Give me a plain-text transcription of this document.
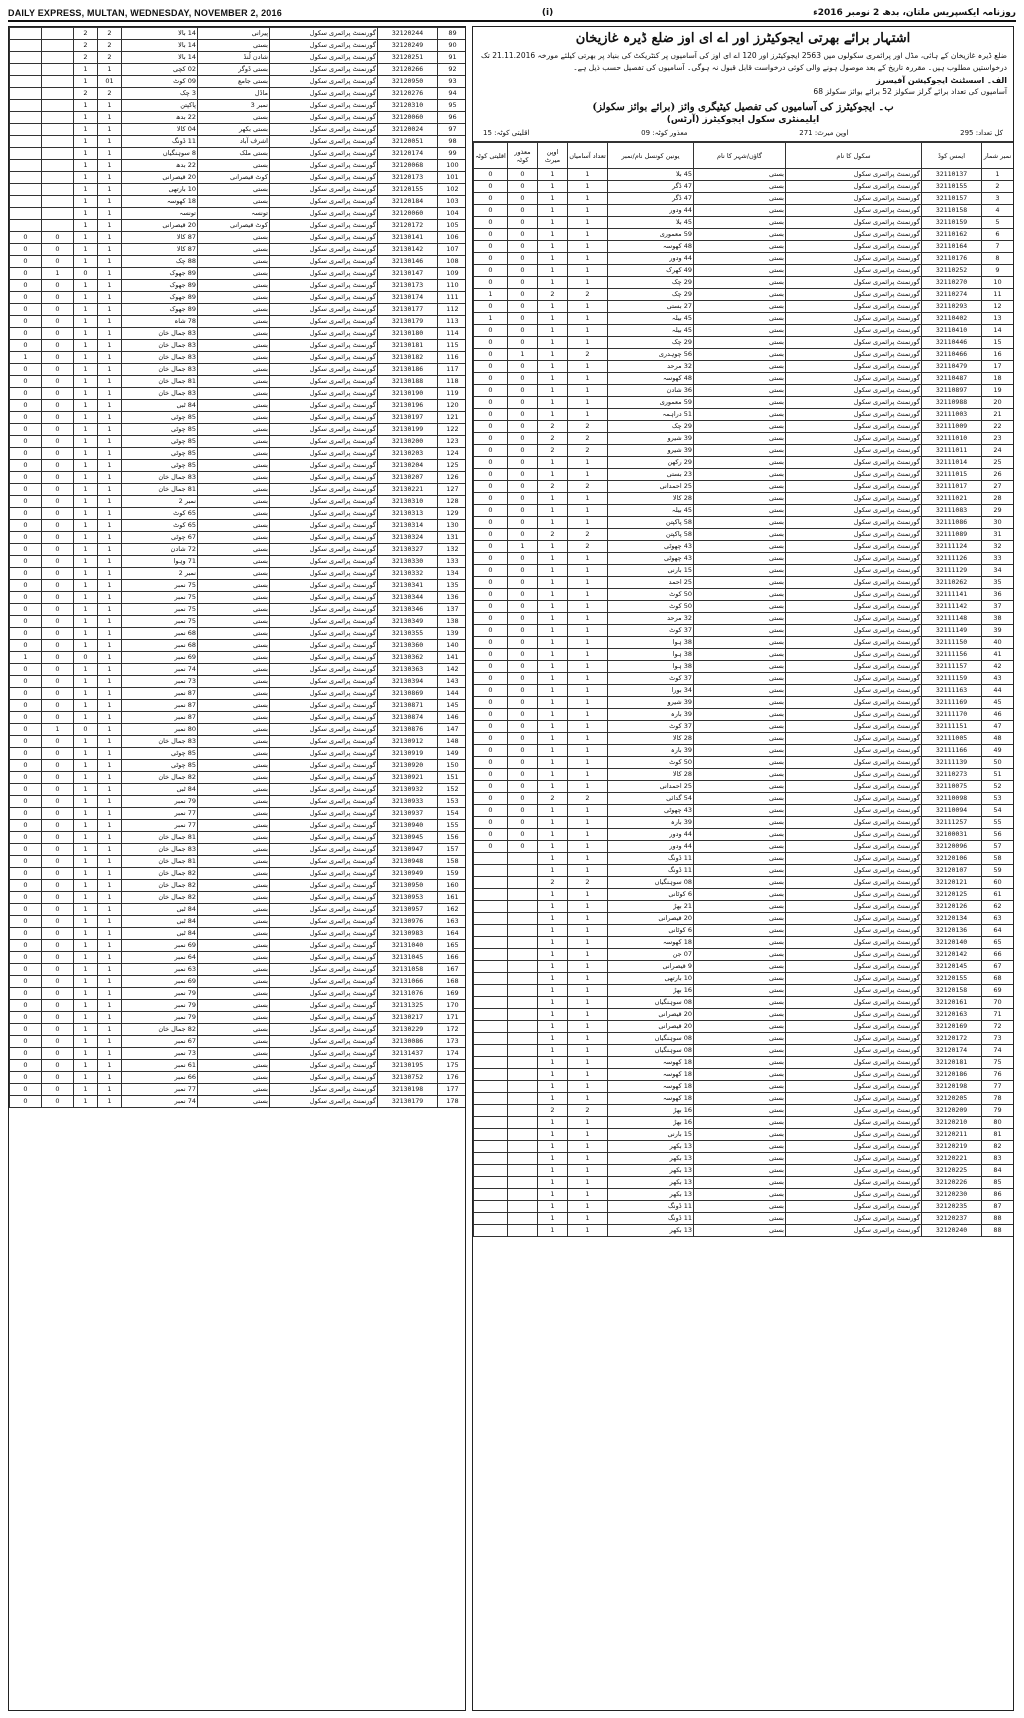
DAILY EXPRESS, MULTAN, WEDNESDAY, NOVEMBER 2, 2016	(i)	روزنامہ ایکسپریس ملتان، بدھ 2 نومبر 2016ء
		2	2	14 بالا	پیرانی	گورنمنٹ پرائمری سکول	32120244	89
		2	2	14 بالا	بستی	گورنمنٹ پرائمری سکول	32120249	90
		2	2	14 بالا	شادن لُنڈ	گورنمنٹ پرائمری سکول	32120251	91
		1	1	02 کچی	بستی ڈوگر	گورنمنٹ پرائمری سکول	32120266	92
		1	01	09 کوٹ	بستی جامع	گورنمنٹ پرائمری سکول	32120950	93
		2	2	3 چک	ماڈل	گورنمنٹ پرائمری سکول	32120276	94
		1	1	پاکپتن	نمبر 3	گورنمنٹ پرائمری سکول	32120310	95
		1	1	22 بدھ	بستی	گورنمنٹ پرائمری سکول	32120060	96
		1	1	04 کالا	بستی بکھر	گورنمنٹ پرائمری سکول	32120024	97
		1	1	11 ڈونگ	اشرف آباد	گورنمنٹ پرائمری سکول	32120051	98
		1	1	8 سوہنگیاں	بستی ملک	گورنمنٹ پرائمری سکول	32120174	99
		1	1	22 بدھ	بستی	گورنمنٹ پرائمری سکول	32120068	100
		1	1	20 قیصرانی	کوٹ قیصرانی	گورنمنٹ پرائمری سکول	32120173	101
		1	1	10 بارتھی	بستی	گورنمنٹ پرائمری سکول	32120155	102
		1	1	18 کھوسہ	بستی	گورنمنٹ پرائمری سکول	32120184	103
		1	1	تونسہ	تونسہ	گورنمنٹ پرائمری سکول	32120060	104
		1	1	20 قیصرانی	کوٹ قیصرانی	گورنمنٹ پرائمری سکول	32120172	105
0	0	1	1	87 کالا	بستی	گورنمنٹ پرائمری سکول	32130141	106
0	0	1	1	87 کالا	بستی	گورنمنٹ پرائمری سکول	32130142	107
0	0	1	1	88 چک	بستی	گورنمنٹ پرائمری سکول	32130146	108
0	1	0	1	89 جھوک	بستی	گورنمنٹ پرائمری سکول	32130147	109
0	0	1	1	89 جھوک	بستی	گورنمنٹ پرائمری سکول	32130173	110
0	0	1	1	89 جھوک	بستی	گورنمنٹ پرائمری سکول	32130174	111
0	0	1	1	89 جھوک	بستی	گورنمنٹ پرائمری سکول	32130177	112
0	0	1	1	78 شاہ	بستی	گورنمنٹ پرائمری سکول	32130179	113
0	0	1	1	83 جمال خان	بستی	گورنمنٹ پرائمری سکول	32130180	114
0	0	1	1	83 جمال خان	بستی	گورنمنٹ پرائمری سکول	32130181	115
1	0	1	1	83 جمال خان	بستی	گورنمنٹ پرائمری سکول	32130182	116
0	0	1	1	83 جمال خان	بستی	گورنمنٹ پرائمری سکول	32130186	117
0	0	1	1	81 جمال خان	بستی	گورنمنٹ پرائمری سکول	32130188	118
0	0	1	1	83 جمال خان	بستی	گورنمنٹ پرائمری سکول	32130190	119
0	0	1	1	84 ٹبی	بستی	گورنمنٹ پرائمری سکول	32130196	120
0	0	1	1	85 چوٹی	بستی	گورنمنٹ پرائمری سکول	32130197	121
0	0	1	1	85 چوٹی	بستی	گورنمنٹ پرائمری سکول	32130199	122
0	0	1	1	85 چوٹی	بستی	گورنمنٹ پرائمری سکول	32130200	123
0	0	1	1	85 چوٹی	بستی	گورنمنٹ پرائمری سکول	32130203	124
0	0	1	1	85 چوٹی	بستی	گورنمنٹ پرائمری سکول	32130204	125
0	0	1	1	83 جمال خان	بستی	گورنمنٹ پرائمری سکول	32130207	126
0	0	1	1	81 جمال خان	بستی	گورنمنٹ پرائمری سکول	32130221	127
0	0	1	1	نمبر 2	بستی	گورنمنٹ پرائمری سکول	32130310	128
0	0	1	1	65 کوٹ	بستی	گورنمنٹ پرائمری سکول	32130313	129
0	0	1	1	65 کوٹ	بستی	گورنمنٹ پرائمری سکول	32130314	130
0	0	1	1	67 چوٹی	بستی	گورنمنٹ پرائمری سکول	32130324	131
0	0	1	1	72 شادن	بستی	گورنمنٹ پرائمری سکول	32130327	132
0	0	1	1	71 وہوا	بستی	گورنمنٹ پرائمری سکول	32130330	133
0	0	1	1	نمبر 2	بستی	گورنمنٹ پرائمری سکول	32130332	134
0	0	1	1	75 نمبر	بستی	گورنمنٹ پرائمری سکول	32130341	135
0	0	1	1	75 نمبر	بستی	گورنمنٹ پرائمری سکول	32130344	136
0	0	1	1	75 نمبر	بستی	گورنمنٹ پرائمری سکول	32130346	137
0	0	1	1	75 نمبر	بستی	گورنمنٹ پرائمری سکول	32130349	138
0	0	1	1	68 نمبر	بستی	گورنمنٹ پرائمری سکول	32130355	139
0	0	1	1	68 نمبر	بستی	گورنمنٹ پرائمری سکول	32130360	140
1	0	0	1	69 نمبر	بستی	گورنمنٹ پرائمری سکول	32130362	141
0	0	1	1	74 نمبر	بستی	گورنمنٹ پرائمری سکول	32130363	142
0	0	1	1	73 نمبر	بستی	گورنمنٹ پرائمری سکول	32130394	143
0	0	1	1	87 نمبر	بستی	گورنمنٹ پرائمری سکول	32130869	144
0	0	1	1	87 نمبر	بستی	گورنمنٹ پرائمری سکول	32130871	145
0	0	1	1	87 نمبر	بستی	گورنمنٹ پرائمری سکول	32130874	146
0	1	0	1	80 نمبر	بستی	گورنمنٹ پرائمری سکول	32130876	147
0	0	1	1	83 جمال خان	بستی	گورنمنٹ پرائمری سکول	32130912	148
0	0	1	1	85 چوٹی	بستی	گورنمنٹ پرائمری سکول	32130919	149
0	0	1	1	85 چوٹی	بستی	گورنمنٹ پرائمری سکول	32130920	150
0	0	1	1	82 جمال خان	بستی	گورنمنٹ پرائمری سکول	32130921	151
0	0	1	1	84 ٹبی	بستی	گورنمنٹ پرائمری سکول	32130932	152
0	0	1	1	79 نمبر	بستی	گورنمنٹ پرائمری سکول	32130933	153
0	0	1	1	77 نمبر	بستی	گورنمنٹ پرائمری سکول	32130937	154
0	0	1	1	77 نمبر	بستی	گورنمنٹ پرائمری سکول	32130940	155
0	0	1	1	81 جمال خان	بستی	گورنمنٹ پرائمری سکول	32130945	156
0	0	1	1	83 جمال خان	بستی	گورنمنٹ پرائمری سکول	32130947	157
0	0	1	1	81 جمال خان	بستی	گورنمنٹ پرائمری سکول	32130948	158
0	0	1	1	82 جمال خان	بستی	گورنمنٹ پرائمری سکول	32130949	159
0	0	1	1	82 جمال خان	بستی	گورنمنٹ پرائمری سکول	32130950	160
0	0	1	1	82 جمال خان	بستی	گورنمنٹ پرائمری سکول	32130953	161
0	0	1	1	84 ٹبی	بستی	گورنمنٹ پرائمری سکول	32130957	162
0	0	1	1	84 ٹبی	بستی	گورنمنٹ پرائمری سکول	32130976	163
0	0	1	1	84 ٹبی	بستی	گورنمنٹ پرائمری سکول	32130983	164
0	0	1	1	69 نمبر	بستی	گورنمنٹ پرائمری سکول	32131040	165
0	0	1	1	64 نمبر	بستی	گورنمنٹ پرائمری سکول	32131045	166
0	0	1	1	63 نمبر	بستی	گورنمنٹ پرائمری سکول	32131058	167
0	0	1	1	69 نمبر	بستی	گورنمنٹ پرائمری سکول	32131066	168
0	0	1	1	79 نمبر	بستی	گورنمنٹ پرائمری سکول	32131076	169
0	0	1	1	79 نمبر	بستی	گورنمنٹ پرائمری سکول	32131325	170
0	0	1	1	79 نمبر	بستی	گورنمنٹ پرائمری سکول	32130217	171
0	0	1	1	82 جمال خان	بستی	گورنمنٹ پرائمری سکول	32130229	172
0	0	1	1	67 نمبر	بستی	گورنمنٹ پرائمری سکول	32130086	173
0	0	1	1	73 نمبر	بستی	گورنمنٹ پرائمری سکول	32131437	174
0	0	1	1	61 نمبر	بستی	گورنمنٹ پرائمری سکول	32130195	175
0	0	1	1	66 نمبر	بستی	گورنمنٹ پرائمری سکول	32130752	176
0	0	1	1	77 نمبر	بستی	گورنمنٹ پرائمری سکول	32130198	177
0	0	1	1	74 نمبر	بستی	گورنمنٹ پرائمری سکول	32130179	178
اشتہار برائے بھرتی ایجوکیٹرز اور اے ای اوز ضلع ڈیرہ غازیخان
ضلع ڈیرہ غازیخان کے ہائی، مڈل اور پرائمری سکولوں میں 2563 ایجوکیٹرز اور 120 اے ای اوز کی آسامیوں پر کنٹریکٹ کی بنیاد پر بھرتی کیلئے مورخہ 21.11.2016 تک درخواستیں مطلوب ہیں۔ مقررہ تاریخ کے بعد موصول ہونے والی کوئی درخواست قابل قبول نہ ہوگی۔ آسامیوں کی تفصیل حسب ذیل ہے۔
الف۔ اسسٹنٹ ایجوکیشن آفیسرز
آسامیوں کی تعداد برائے گرلز سکولز 52 برائے بوائز سکولز 68
ب۔ ایجوکیٹرز کی آسامیوں کی تفصیل کیٹیگری وائز (برائے بوائز سکولز)
ایلیمنٹری سکول ایجوکیٹرز (آرٹس)
کل تعداد: 295
اوپن میرٹ: 271
معذور کوٹہ: 09
اقلیتی کوٹہ: 15
اقلیتی کوٹہ	معذور کوٹہ	اوپن میرٹ	تعداد آسامیاں	یونین کونسل نام/نمبر	گاؤں/شہر کا نام	سکول کا نام	ایمس کوڈ	نمبر شمار
0	0	1	1	45 بلا	بستی	گورنمنٹ پرائمری سکول	32110137	1
0	0	1	1	47 ڈگر	بستی	گورنمنٹ پرائمری سکول	32110155	2
0	0	1	1	47 ڈگر	بستی	گورنمنٹ پرائمری سکول	32110157	3
0	0	1	1	44 ودور	بستی	گورنمنٹ پرائمری سکول	32110158	4
0	0	1	1	45 بلا	بستی	گورنمنٹ پرائمری سکول	32110159	5
0	0	1	1	59 معموری	بستی	گورنمنٹ پرائمری سکول	32110162	6
0	0	1	1	48 کھوسہ	بستی	گورنمنٹ پرائمری سکول	32110164	7
0	0	1	1	44 ودور	بستی	گورنمنٹ پرائمری سکول	32110176	8
0	0	1	1	49 کھرک	بستی	گورنمنٹ پرائمری سکول	32110252	9
0	0	1	1	29 چک	بستی	گورنمنٹ پرائمری سکول	32110270	10
1	0	2	2	29 چک	بستی	گورنمنٹ پرائمری سکول	32110274	11
0	0	1	1	27 بستی	بستی	گورنمنٹ پرائمری سکول	32110293	12
1	0	1	1	45 بیلہ	بستی	گورنمنٹ پرائمری سکول	32110402	13
0	0	1	1	45 بیلہ	بستی	گورنمنٹ پرائمری سکول	32110410	14
0	0	1	1	29 چک	بستی	گورنمنٹ پرائمری سکول	32110446	15
0	1	1	2	56 چوہدری	بستی	گورنمنٹ پرائمری سکول	32110466	16
0	0	1	1	32 مرحد	بستی	گورنمنٹ پرائمری سکول	32110479	17
0	0	1	1	48 کھوسہ	بستی	گورنمنٹ پرائمری سکول	32110487	18
0	0	1	1	36 شادن	بستی	گورنمنٹ پرائمری سکول	32110897	19
0	0	1	1	59 معموری	بستی	گورنمنٹ پرائمری سکول	32110988	20
0	0	1	1	51 دراہمہ	بستی	گورنمنٹ پرائمری سکول	32111003	21
0	0	2	2	29 چک	بستی	گورنمنٹ پرائمری سکول	32111009	22
0	0	2	2	39 شیرو	بستی	گورنمنٹ پرائمری سکول	32111010	23
0	0	2	2	39 شیرو	بستی	گورنمنٹ پرائمری سکول	32111011	24
0	0	1	1	29 رکھن	بستی	گورنمنٹ پرائمری سکول	32111014	25
0	0	1	1	23 بستی	بستی	گورنمنٹ پرائمری سکول	32111015	26
0	0	2	2	25 احمدانی	بستی	گورنمنٹ پرائمری سکول	32111017	27
0	0	1	1	28 کالا	بستی	گورنمنٹ پرائمری سکول	32111021	28
0	0	1	1	45 بیلہ	بستی	گورنمنٹ پرائمری سکول	32111083	29
0	0	1	1	58 پاکپتن	بستی	گورنمنٹ پرائمری سکول	32111086	30
0	0	2	2	58 پاکپتن	بستی	گورنمنٹ پرائمری سکول	32111089	31
0	1	1	2	43 چھوٹی	بستی	گورنمنٹ پرائمری سکول	32111124	32
0	0	1	1	43 چھوٹی	بستی	گورنمنٹ پرائمری سکول	32111126	33
0	0	1	1	15 بارنی	بستی	گورنمنٹ پرائمری سکول	32111129	34
0	0	1	1	25 احمد	بستی	گورنمنٹ پرائمری سکول	32110262	35
0	0	1	1	50 کوٹ	بستی	گورنمنٹ پرائمری سکول	32111141	36
0	0	1	1	50 کوٹ	بستی	گورنمنٹ پرائمری سکول	32111142	37
0	0	1	1	32 مرحد	بستی	گورنمنٹ پرائمری سکول	32111148	38
0	0	1	1	37 کوٹ	بستی	گورنمنٹ پرائمری سکول	32111149	39
0	0	1	1	38 ہوا	بستی	گورنمنٹ پرائمری سکول	32111150	40
0	0	1	1	38 ہوا	بستی	گورنمنٹ پرائمری سکول	32111156	41
0	0	1	1	38 ہوا	بستی	گورنمنٹ پرائمری سکول	32111157	42
0	0	1	1	37 کوٹ	بستی	گورنمنٹ پرائمری سکول	32111159	43
0	0	1	1	34 بورا	بستی	گورنمنٹ پرائمری سکول	32111163	44
0	0	1	1	39 شیرو	بستی	گورنمنٹ پرائمری سکول	32111169	45
0	0	1	1	39 بارہ	بستی	گورنمنٹ پرائمری سکول	32111170	46
0	0	1	1	37 کوٹ	بستی	گورنمنٹ پرائمری سکول	32111151	47
0	0	1	1	28 کالا	بستی	گورنمنٹ پرائمری سکول	32111005	48
0	0	1	1	39 بارہ	بستی	گورنمنٹ پرائمری سکول	32111166	49
0	0	1	1	50 کوٹ	بستی	گورنمنٹ پرائمری سکول	32111139	50
0	0	1	1	28 کالا	بستی	گورنمنٹ پرائمری سکول	32110273	51
0	0	1	1	25 احمدانی	بستی	گورنمنٹ پرائمری سکول	32110075	52
0	0	2	2	54 گدائی	بستی	گورنمنٹ پرائمری سکول	32110098	53
0	0	1	1	43 چھوٹی	بستی	گورنمنٹ پرائمری سکول	32110094	54
0	0	1	1	39 بارہ	بستی	گورنمنٹ پرائمری سکول	32111257	55
0	0	1	1	44 ودور	بستی	گورنمنٹ پرائمری سکول	32100031	56
0	0	1	1	44 ودور	بستی	گورنمنٹ پرائمری سکول	32120096	57
		1	1	11 ڈونگ	بستی	گورنمنٹ پرائمری سکول	32120106	58
		1	1	11 ڈونگ	بستی	گورنمنٹ پرائمری سکول	32120107	59
		2	2	08 سوہنگیاں	بستی	گورنمنٹ پرائمری سکول	32120121	60
		1	1	6 کوٹانی	بستی	گورنمنٹ پرائمری سکول	32120125	61
		1	1	21 بھڑ	بستی	گورنمنٹ پرائمری سکول	32120126	62
		1	1	20 قیصرانی	بستی	گورنمنٹ پرائمری سکول	32120134	63
		1	1	6 کوٹانی	بستی	گورنمنٹ پرائمری سکول	32120136	64
		1	1	18 کھوسہ	بستی	گورنمنٹ پرائمری سکول	32120140	65
		1	1	07 جن	بستی	گورنمنٹ پرائمری سکول	32120142	66
		1	1	9 قیصرانی	بستی	گورنمنٹ پرائمری سکول	32120145	67
		1	1	10 بارتھی	بستی	گورنمنٹ پرائمری سکول	32120155	68
		1	1	16 بھڑ	بستی	گورنمنٹ پرائمری سکول	32120158	69
		1	1	08 سوہنگیاں	بستی	گورنمنٹ پرائمری سکول	32120161	70
		1	1	20 قیصرانی	بستی	گورنمنٹ پرائمری سکول	32120163	71
		1	1	20 قیصرانی	بستی	گورنمنٹ پرائمری سکول	32120169	72
		1	1	08 سوہنگیاں	بستی	گورنمنٹ پرائمری سکول	32120172	73
		1	1	08 سوہنگیاں	بستی	گورنمنٹ پرائمری سکول	32120174	74
		1	1	18 کھوسہ	بستی	گورنمنٹ پرائمری سکول	32120181	75
		1	1	18 کھوسہ	بستی	گورنمنٹ پرائمری سکول	32120186	76
		1	1	18 کھوسہ	بستی	گورنمنٹ پرائمری سکول	32120198	77
		1	1	18 کھوسہ	بستی	گورنمنٹ پرائمری سکول	32120205	78
		2	2	16 بھڑ	بستی	گورنمنٹ پرائمری سکول	32120209	79
		1	1	16 بھڑ	بستی	گورنمنٹ پرائمری سکول	32120210	80
		1	1	15 بارنی	بستی	گورنمنٹ پرائمری سکول	32120211	81
		1	1	13 بکھر	بستی	گورنمنٹ پرائمری سکول	32120219	82
		1	1	13 بکھر	بستی	گورنمنٹ پرائمری سکول	32120221	83
		1	1	13 بکھر	بستی	گورنمنٹ پرائمری سکول	32120225	84
		1	1	13 بکھر	بستی	گورنمنٹ پرائمری سکول	32120226	85
		1	1	13 بکھر	بستی	گورنمنٹ پرائمری سکول	32120230	86
		1	1	11 ڈونگ	بستی	گورنمنٹ پرائمری سکول	32120235	87
		1	1	11 ڈونگ	بستی	گورنمنٹ پرائمری سکول	32120237	88
		1	1	13 بکھر	بستی	گورنمنٹ پرائمری سکول	32120240	88
